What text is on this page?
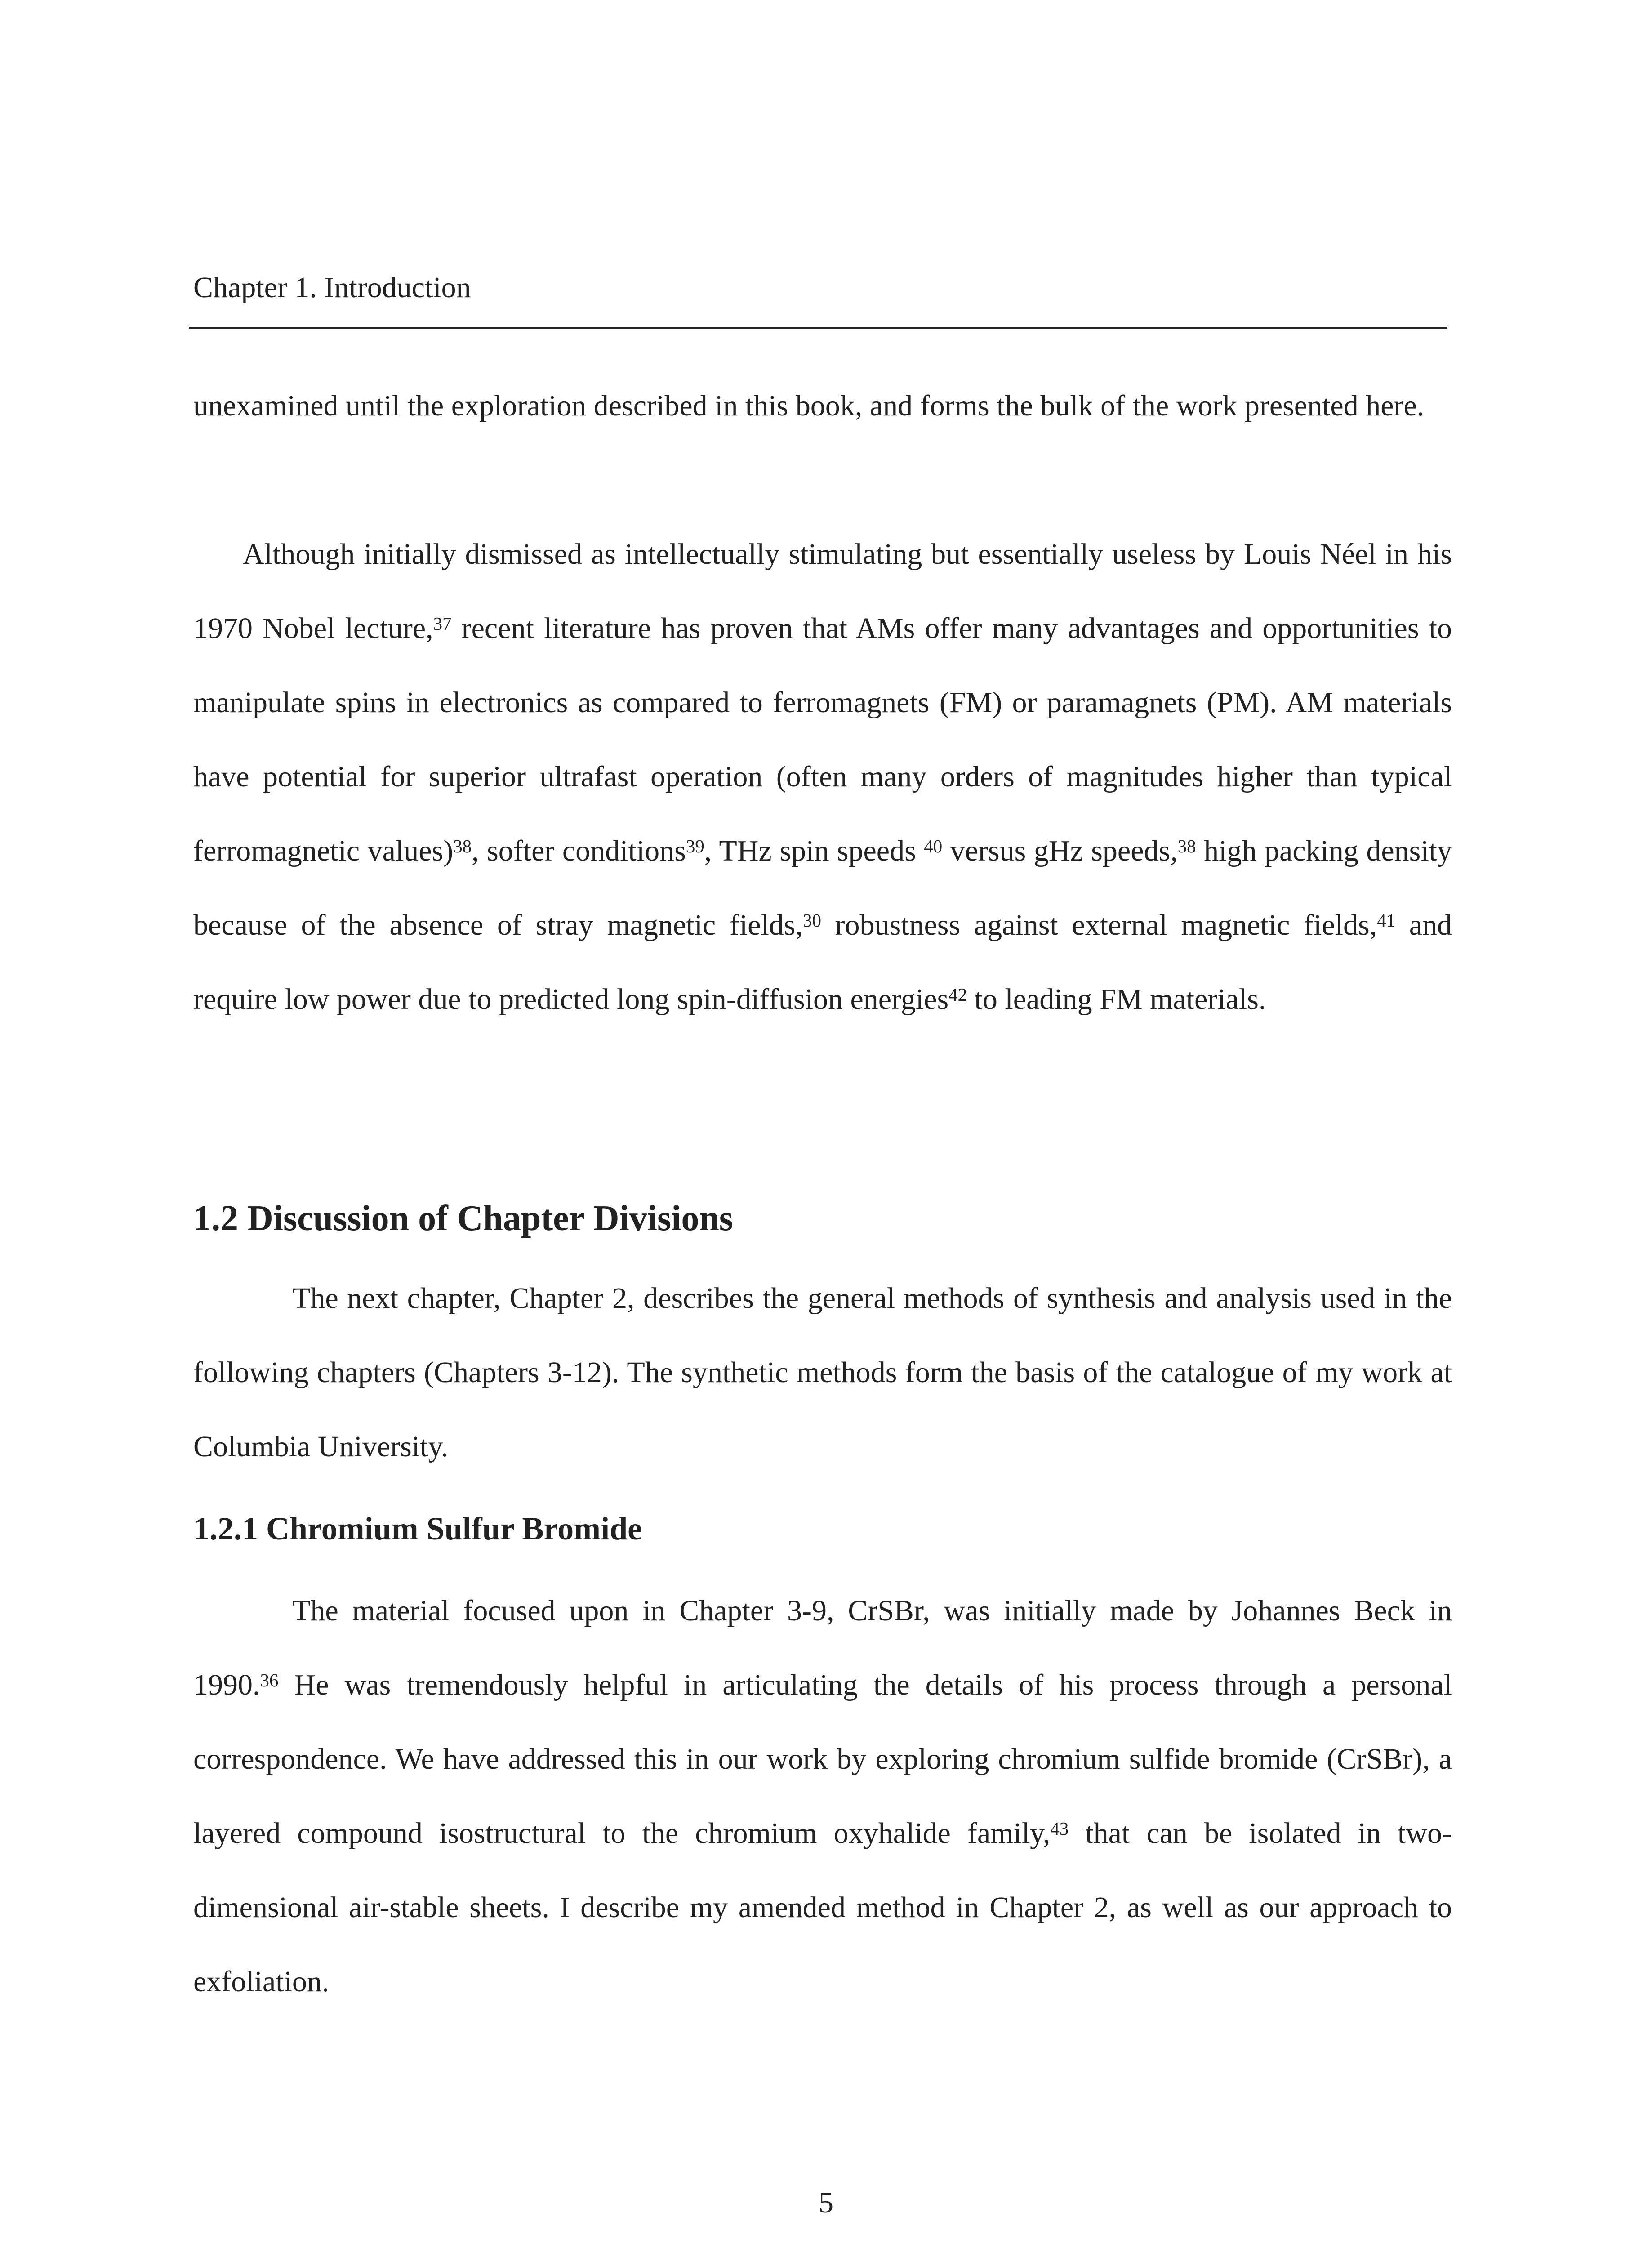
Chapter 1. Introduction

unexamined until the exploration described in this book, and forms the bulk of the work presented here.

Although initially dismissed as intellectually stimulating but essentially useless by Louis Néel in his 1970 Nobel lecture,$^{37}$ recent literature has proven that AMs offer many advantages and opportunities to manipulate spins in electronics as compared to ferromagnets (FM) or paramagnets (PM). AM materials have potential for superior ultrafast operation (often many orders of magnitudes higher than typical ferromagnetic values)$^{38}$, softer conditions$^{39}$, THz spin speeds $^{40}$ versus gHz speeds,$^{38}$ high packing density because of the absence of stray magnetic fields,$^{30}$ robustness against external magnetic fields,$^{41}$ and require low power due to predicted long spin-diffusion energies$^{42}$ to leading FM materials.

1.2 Discussion of Chapter Divisions

The next chapter, Chapter 2, describes the general methods of synthesis and analysis used in the following chapters (Chapters 3-12). The synthetic methods form the basis of the catalogue of my work at Columbia University.

1.2.1 Chromium Sulfur Bromide

The material focused upon in Chapter 3-9, CrSBr, was initially made by Johannes Beck in 1990.36 He was tremendously helpful in articulating the details of his process through a personal correspondence. We have addressed this in our work by exploring chromium sulfide bromide (CrSBr), a layered compound isostructural to the chromium oxyhalide family,$^{43}$ that can be isolated in two-dimensional air-stable sheets. I describe my amended method in Chapter 2, as well as our approach to exfoliation.

5
